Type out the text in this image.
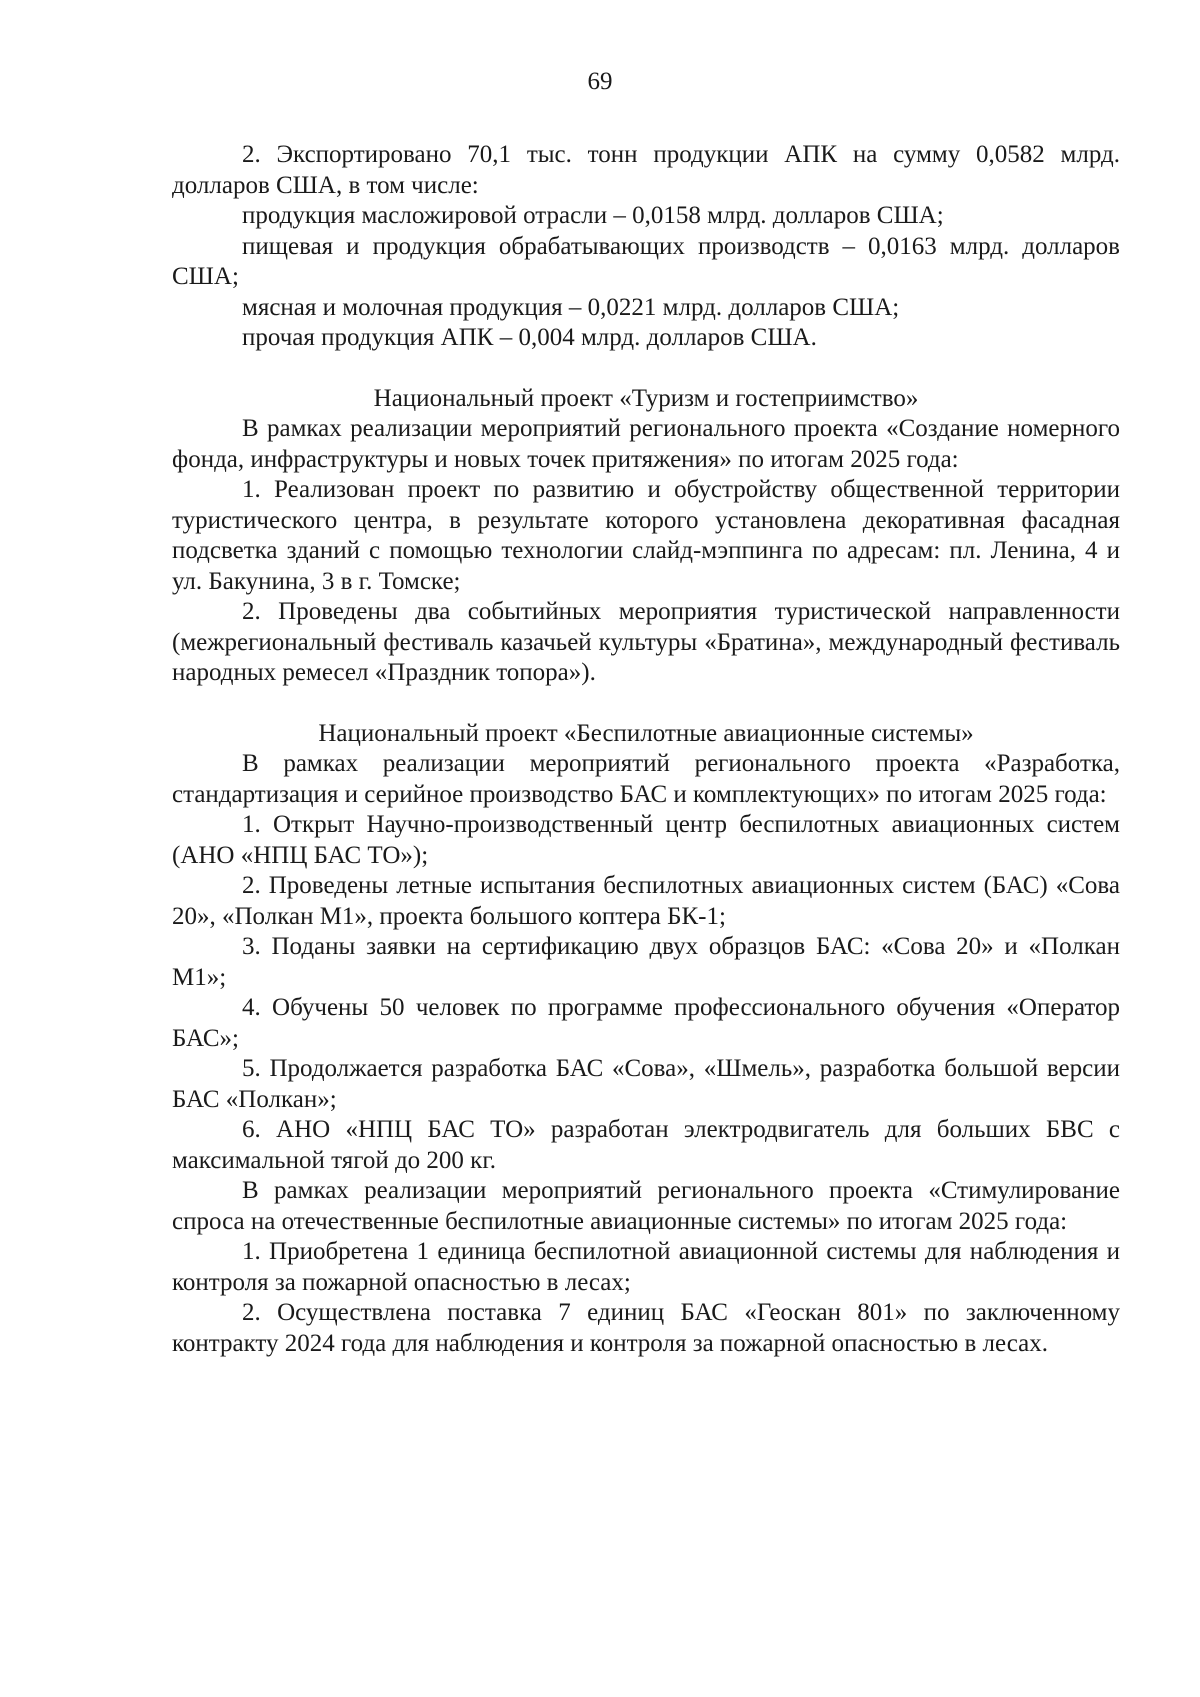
69

2. Экспортировано 70,1 тыс. тонн продукции АПК на сумму 0,0582 млрд. долларов США, в том числе:

продукция масложировой отрасли – 0,0158 млрд. долларов США;

пищевая и продукция обрабатывающих производств – 0,0163 млрд. долларов США;

мясная и молочная продукция – 0,0221 млрд. долларов США;

прочая продукция АПК – 0,004 млрд. долларов США.

Национальный проект «Туризм и гостеприимство»

В рамках реализации мероприятий регионального проекта «Создание номерного фонда, инфраструктуры и новых точек притяжения» по итогам 2025 года:

1. Реализован проект по развитию и обустройству общественной территории туристического центра, в результате которого установлена декоративная фасадная подсветка зданий с помощью технологии слайд-мэппинга по адресам: пл. Ленина, 4 и ул. Бакунина, 3 в г. Томске;

2. Проведены два событийных мероприятия туристической направленности (межрегиональный фестиваль казачьей культуры «Братина», международный фестиваль народных ремесел «Праздник топора»).

Национальный проект «Беспилотные авиационные системы»

В рамках реализации мероприятий регионального проекта «Разработка, стандартизация и серийное производство БАС и комплектующих» по итогам 2025 года:

1. Открыт Научно-производственный центр беспилотных авиационных систем (АНО «НПЦ БАС ТО»);

2. Проведены летные испытания беспилотных авиационных систем (БАС) «Сова 20», «Полкан М1», проекта большого коптера БК-1;

3. Поданы заявки на сертификацию двух образцов БАС: «Сова 20» и «Полкан М1»;

4. Обучены 50 человек по программе профессионального обучения «Оператор БАС»;

5. Продолжается разработка БАС «Сова», «Шмель», разработка большой версии БАС «Полкан»;

6. АНО «НПЦ БАС ТО» разработан электродвигатель для больших БВС с максимальной тягой до 200 кг.

В рамках реализации мероприятий регионального проекта «Стимулирование спроса на отечественные беспилотные авиационные системы» по итогам 2025 года:

1. Приобретена 1 единица беспилотной авиационной системы для наблюдения и контроля за пожарной опасностью в лесах;

2. Осуществлена поставка 7 единиц БАС «Геоскан 801» по заключенному контракту 2024 года для наблюдения и контроля за пожарной опасностью в лесах.
